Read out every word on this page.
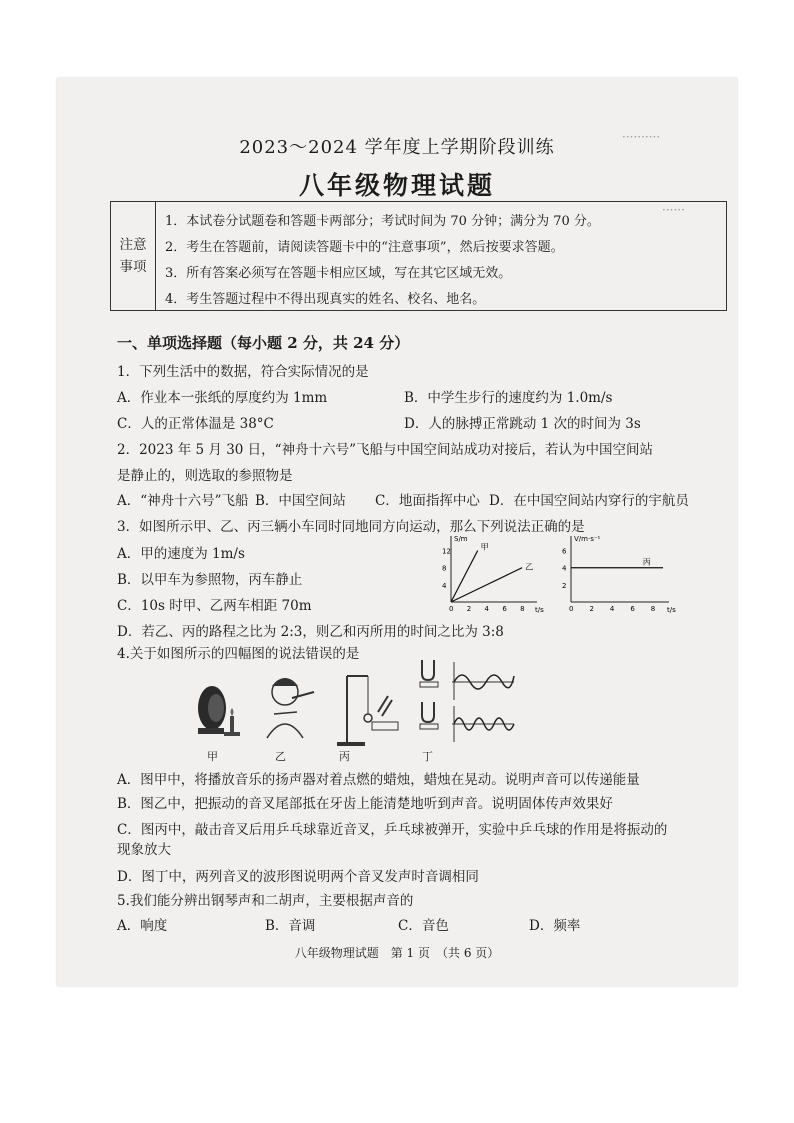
··········
······
2023～2024 学年度上学期阶段训练
八年级物理试题
注意事项
1．本试卷分试题卷和答题卡两部分；考试时间为 70 分钟；满分为 70 分。
2．考生在答题前，请阅读答题卡中的“注意事项”，然后按要求答题。
3．所有答案必须写在答题卡相应区域，写在其它区域无效。
4．考生答题过程中不得出现真实的姓名、校名、地名。
一、单项选择题（每小题 2 分，共 24 分）
1．下列生活中的数据，符合实际情况的是
A．作业本一张纸的厚度约为 1mm	B．中学生步行的速度约为 1.0m/s
C．人的正常体温是 38°C	D．人的脉搏正常跳动 1 次的时间为 3s
2．2023 年 5 月 30 日，“神舟十六号”飞船与中国空间站成功对接后，若认为中国空间站
是静止的，则选取的参照物是
A．“神舟十六号”飞船 B．中国空间站 C．地面指挥中心 D．在中国空间站内穿行的宇航员
3．如图所示甲、乙、丙三辆小车同时同地同方向运动，那么下列说法正确的是
A．甲的速度为 1m/s
B．以甲车为参照物，丙车静止
C．10s 时甲、乙两车相距 70m
D．若乙、丙的路程之比为 2:3，则乙和丙所用的时间之比为 3:8
t/s
S/m
0 2 4 6 8
4
8
12	甲
乙
t/s
V/m·s⁻¹
0 2 4 6 8
2
4
6
丙
4.关于如图所示的四幅图的说法错误的是
甲	乙	丙	丁
A．图甲中，将播放音乐的扬声器对着点燃的蜡烛，蜡烛在晃动。说明声音可以传递能量
B．图乙中，把振动的音叉尾部抵在牙齿上能清楚地听到声音。说明固体传声效果好
C．图丙中，敲击音叉后用乒乓球靠近音叉，乒乓球被弹开，实验中乒乓球的作用是将振动的
现象放大
D．图丁中，两列音叉的波形图说明两个音叉发声时音调相同
5.我们能分辨出钢琴声和二胡声，主要根据声音的
A．响度	B．音调	C．音色	D．频率
八年级物理试题　第 1 页　（共 6 页）
